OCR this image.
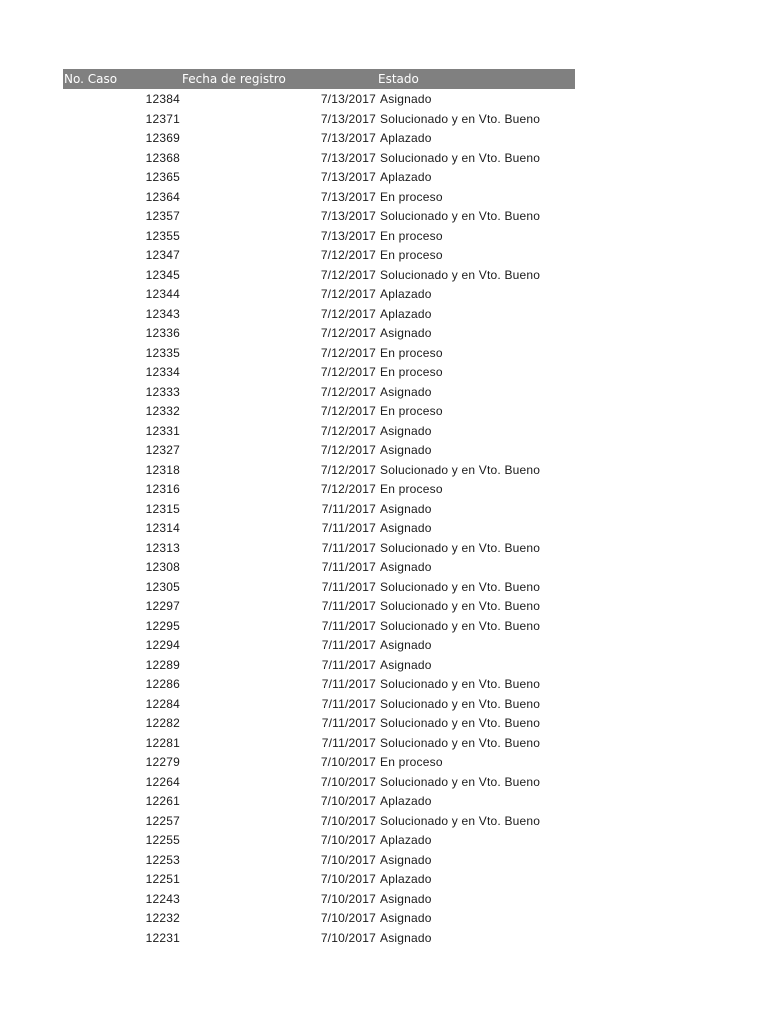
No. Caso	Fecha de registro	Estado
12384	7/13/2017 Asignado
12371	7/13/2017 Solucionado y en Vto. Bueno
12369	7/13/2017 Aplazado
12368	7/13/2017 Solucionado y en Vto. Bueno
12365	7/13/2017 Aplazado
12364	7/13/2017 En proceso
12357	7/13/2017 Solucionado y en Vto. Bueno
12355	7/13/2017 En proceso
12347	7/12/2017 En proceso
12345	7/12/2017 Solucionado y en Vto. Bueno
12344	7/12/2017 Aplazado
12343	7/12/2017 Aplazado
12336	7/12/2017 Asignado
12335	7/12/2017 En proceso
12334	7/12/2017 En proceso
12333	7/12/2017 Asignado
12332	7/12/2017 En proceso
12331	7/12/2017 Asignado
12327	7/12/2017 Asignado
12318	7/12/2017 Solucionado y en Vto. Bueno
12316	7/12/2017 En proceso
12315	7/11/2017 Asignado
12314	7/11/2017 Asignado
12313	7/11/2017 Solucionado y en Vto. Bueno
12308	7/11/2017 Asignado
12305	7/11/2017 Solucionado y en Vto. Bueno
12297	7/11/2017 Solucionado y en Vto. Bueno
12295	7/11/2017 Solucionado y en Vto. Bueno
12294	7/11/2017 Asignado
12289	7/11/2017 Asignado
12286	7/11/2017 Solucionado y en Vto. Bueno
12284	7/11/2017 Solucionado y en Vto. Bueno
12282	7/11/2017 Solucionado y en Vto. Bueno
12281	7/11/2017 Solucionado y en Vto. Bueno
12279	7/10/2017 En proceso
12264	7/10/2017 Solucionado y en Vto. Bueno
12261	7/10/2017 Aplazado
12257	7/10/2017 Solucionado y en Vto. Bueno
12255	7/10/2017 Aplazado
12253	7/10/2017 Asignado
12251	7/10/2017 Aplazado
12243	7/10/2017 Asignado
12232	7/10/2017 Asignado
12231	7/10/2017 Asignado
